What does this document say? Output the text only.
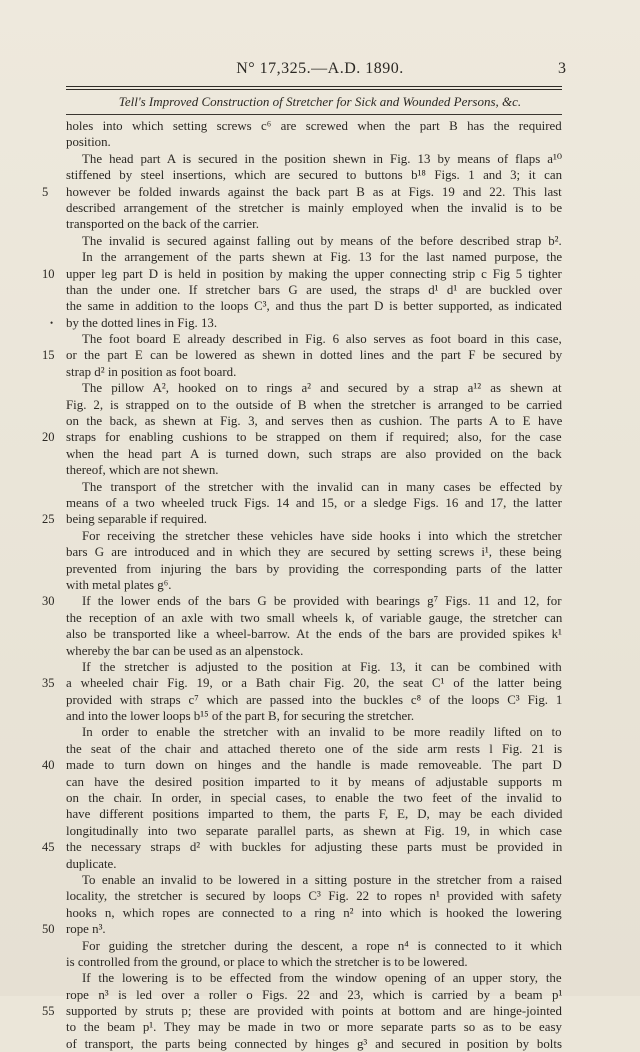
N° 17,325.—A.D. 1890.	3
Tell's Improved Construction of Stretcher for Sick and Wounded Persons, &c.
holes into which setting screws c⁶ are screwed when the part B has the required
position.
The head part A is secured in the position shewn in Fig. 13 by means of flaps a¹⁰
stiffened by steel insertions, which are secured to buttons b¹⁸ Figs. 1 and 3; it can
however be folded inwards against the back part B as at Figs. 19 and 22. This last
5
described arrangement of the stretcher is mainly employed when the invalid is to be
transported on the back of the carrier.
The invalid is secured against falling out by means of the before described strap b².
In the arrangement of the parts shewn at Fig. 13 for the last named purpose, the
upper leg part D is held in position by making the upper connecting strip c Fig 5 tighter
10
than the under one. If stretcher bars G are used, the straps d¹ d¹ are buckled over
the same in addition to the loops C³, and thus the part D is better supported, as indicated
by the dotted lines in Fig. 13.
•
The foot board E already described in Fig. 6 also serves as foot board in this case,
or the part E can be lowered as shewn in dotted lines and the part F be secured by
15
strap d² in position as foot board.
The pillow A², hooked on to rings a² and secured by a strap a¹² as shewn at
Fig. 2, is strapped on to the outside of B when the stretcher is arranged to be carried
on the back, as shewn at Fig. 3, and serves then as cushion. The parts A to E have
straps for enabling cushions to be strapped on them if required; also, for the case
20
when the head part A is turned down, such straps are also provided on the back
thereof, which are not shewn.
The transport of the stretcher with the invalid can in many cases be effected by
means of a two wheeled truck Figs. 14 and 15, or a sledge Figs. 16 and 17, the latter
being separable if required.
25
For receiving the stretcher these vehicles have side hooks i into which the stretcher
bars G are introduced and in which they are secured by setting screws i¹, these being
prevented from injuring the bars by providing the corresponding parts of the latter
with metal plates g⁶.
If the lower ends of the bars G be provided with bearings g⁷ Figs. 11 and 12, for
30
the reception of an axle with two small wheels k, of variable gauge, the stretcher can
also be transported like a wheel-barrow. At the ends of the bars are provided spikes k¹
whereby the bar can be used as an alpenstock.
If the stretcher is adjusted to the position at Fig. 13, it can be combined with
a wheeled chair Fig. 19, or a Bath chair Fig. 20, the seat C¹ of the latter being
35
provided with straps c⁷ which are passed into the buckles c⁸ of the loops C³ Fig. 1
and into the lower loops b¹⁵ of the part B, for securing the stretcher.
In order to enable the stretcher with an invalid to be more readily lifted on to
the seat of the chair and attached thereto one of the side arm rests l Fig. 21 is
made to turn down on hinges and the handle is made removeable. The part D
40
can have the desired position imparted to it by means of adjustable supports m
on the chair. In order, in special cases, to enable the two feet of the invalid to
have different positions imparted to them, the parts F, E, D, may be each divided
longitudinally into two separate parallel parts, as shewn at Fig. 19, in which case
the necessary straps d² with buckles for adjusting these parts must be provided in
45
duplicate.
To enable an invalid to be lowered in a sitting posture in the stretcher from a raised
locality, the stretcher is secured by loops C³ Fig. 22 to ropes n¹ provided with safety
hooks n, which ropes are connected to a ring n² into which is hooked the lowering
rope n³.
50
For guiding the stretcher during the descent, a rope n⁴ is connected to it which
is controlled from the ground, or place to which the stretcher is to be lowered.
If the lowering is to be effected from the window opening of an upper story, the
rope n³ is led over a roller o Figs. 22 and 23, which is carried by a beam p¹
supported by struts p; these are provided with points at bottom and are hinge-jointed
55
to the beam p¹. They may be made in two or more separate parts so as to be easy
of transport, the parts being connected by hinges g³ and secured in position by bolts
